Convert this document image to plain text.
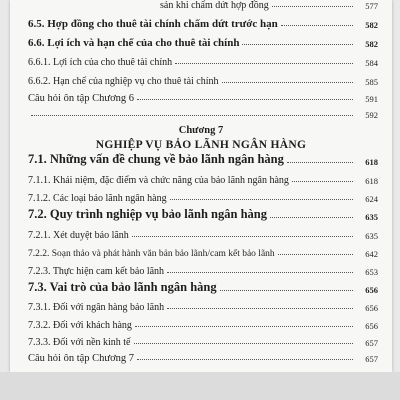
sản khi chấm dứt hợp đồng	577
6.5. Hợp đồng cho thuê tài chính chấm dứt trước hạn	582
6.6. Lợi ích và hạn chế của cho thuê tài chính	582
6.6.1. Lợi ích của cho thuê tài chính	584
6.6.2. Hạn chế của nghiệp vụ cho thuê tài chính	585
Câu hỏi ôn tập Chương 6	591
592
Chương 7
NGHIỆP VỤ BẢO LÃNH NGÂN HÀNG
7.1. Những vấn đề chung về bảo lãnh ngân hàng	618
7.1.1. Khái niệm, đặc điểm và chức năng của bảo lãnh ngân hàng	618
7.1.2. Các loại bảo lãnh ngân hàng	624
7.2. Quy trình nghiệp vụ bảo lãnh ngân hàng	635
7.2.1. Xét duyệt bảo lãnh	635
7.2.2. Soạn thảo và phát hành văn bản bảo lãnh/cam kết bảo lãnh	642
7.2.3. Thực hiện cam kết bảo lãnh	653
7.3. Vai trò của bảo lãnh ngân hàng	656
7.3.1. Đối với ngân hàng bảo lãnh	656
7.3.2. Đối với khách hàng	656
7.3.3. Đối với nền kinh tế	657
Câu hỏi ôn tập Chương 7	657
